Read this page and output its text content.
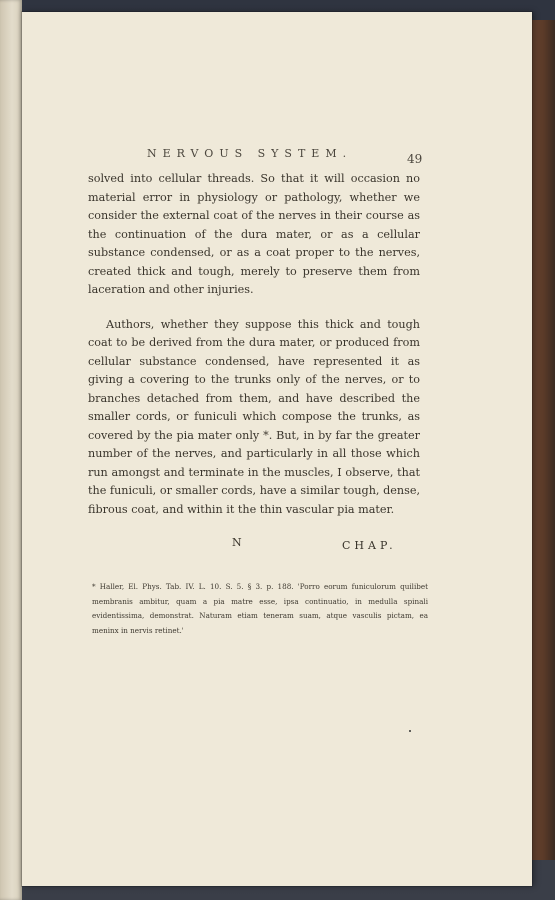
NERVOUS SYSTEM.	49

solved into cellular threads. So that it will occasion no material error in physiology or pathology, whether we consider the external coat of the nerves in their course as the continuation of the dura mater, or as a cellular substance condensed, or as a coat proper to the nerves, created thick and tough, merely to preserve them from laceration and other injuries.

Authors, whether they suppose this thick and tough coat to be derived from the dura mater, or produced from cellular substance condensed, have represented it as giving a covering to the trunks only of the nerves, or to branches detached from them, and have described the smaller cords, or funiculi which compose the trunks, as covered by the pia mater only *. But, in by far the greater number of the nerves, and particularly in all those which run amongst and terminate in the muscles, I observe, that the funiculi, or smaller cords, have a similar tough, dense, fibrous coat, and within it the thin vascular pia mater.

N	CHAP.
* Haller, El. Phys. Tab. IV. L. 10. S. 5. § 3. p. 188. 'Porro eorum funiculorum quilibet membranis ambitur, quam a pia matre esse, ipsa continuatio, in medulla spinali evidentissima, demonstrat. Naturam etiam teneram suam, atque vasculis pictam, ea meninx in nervis retinet.'
